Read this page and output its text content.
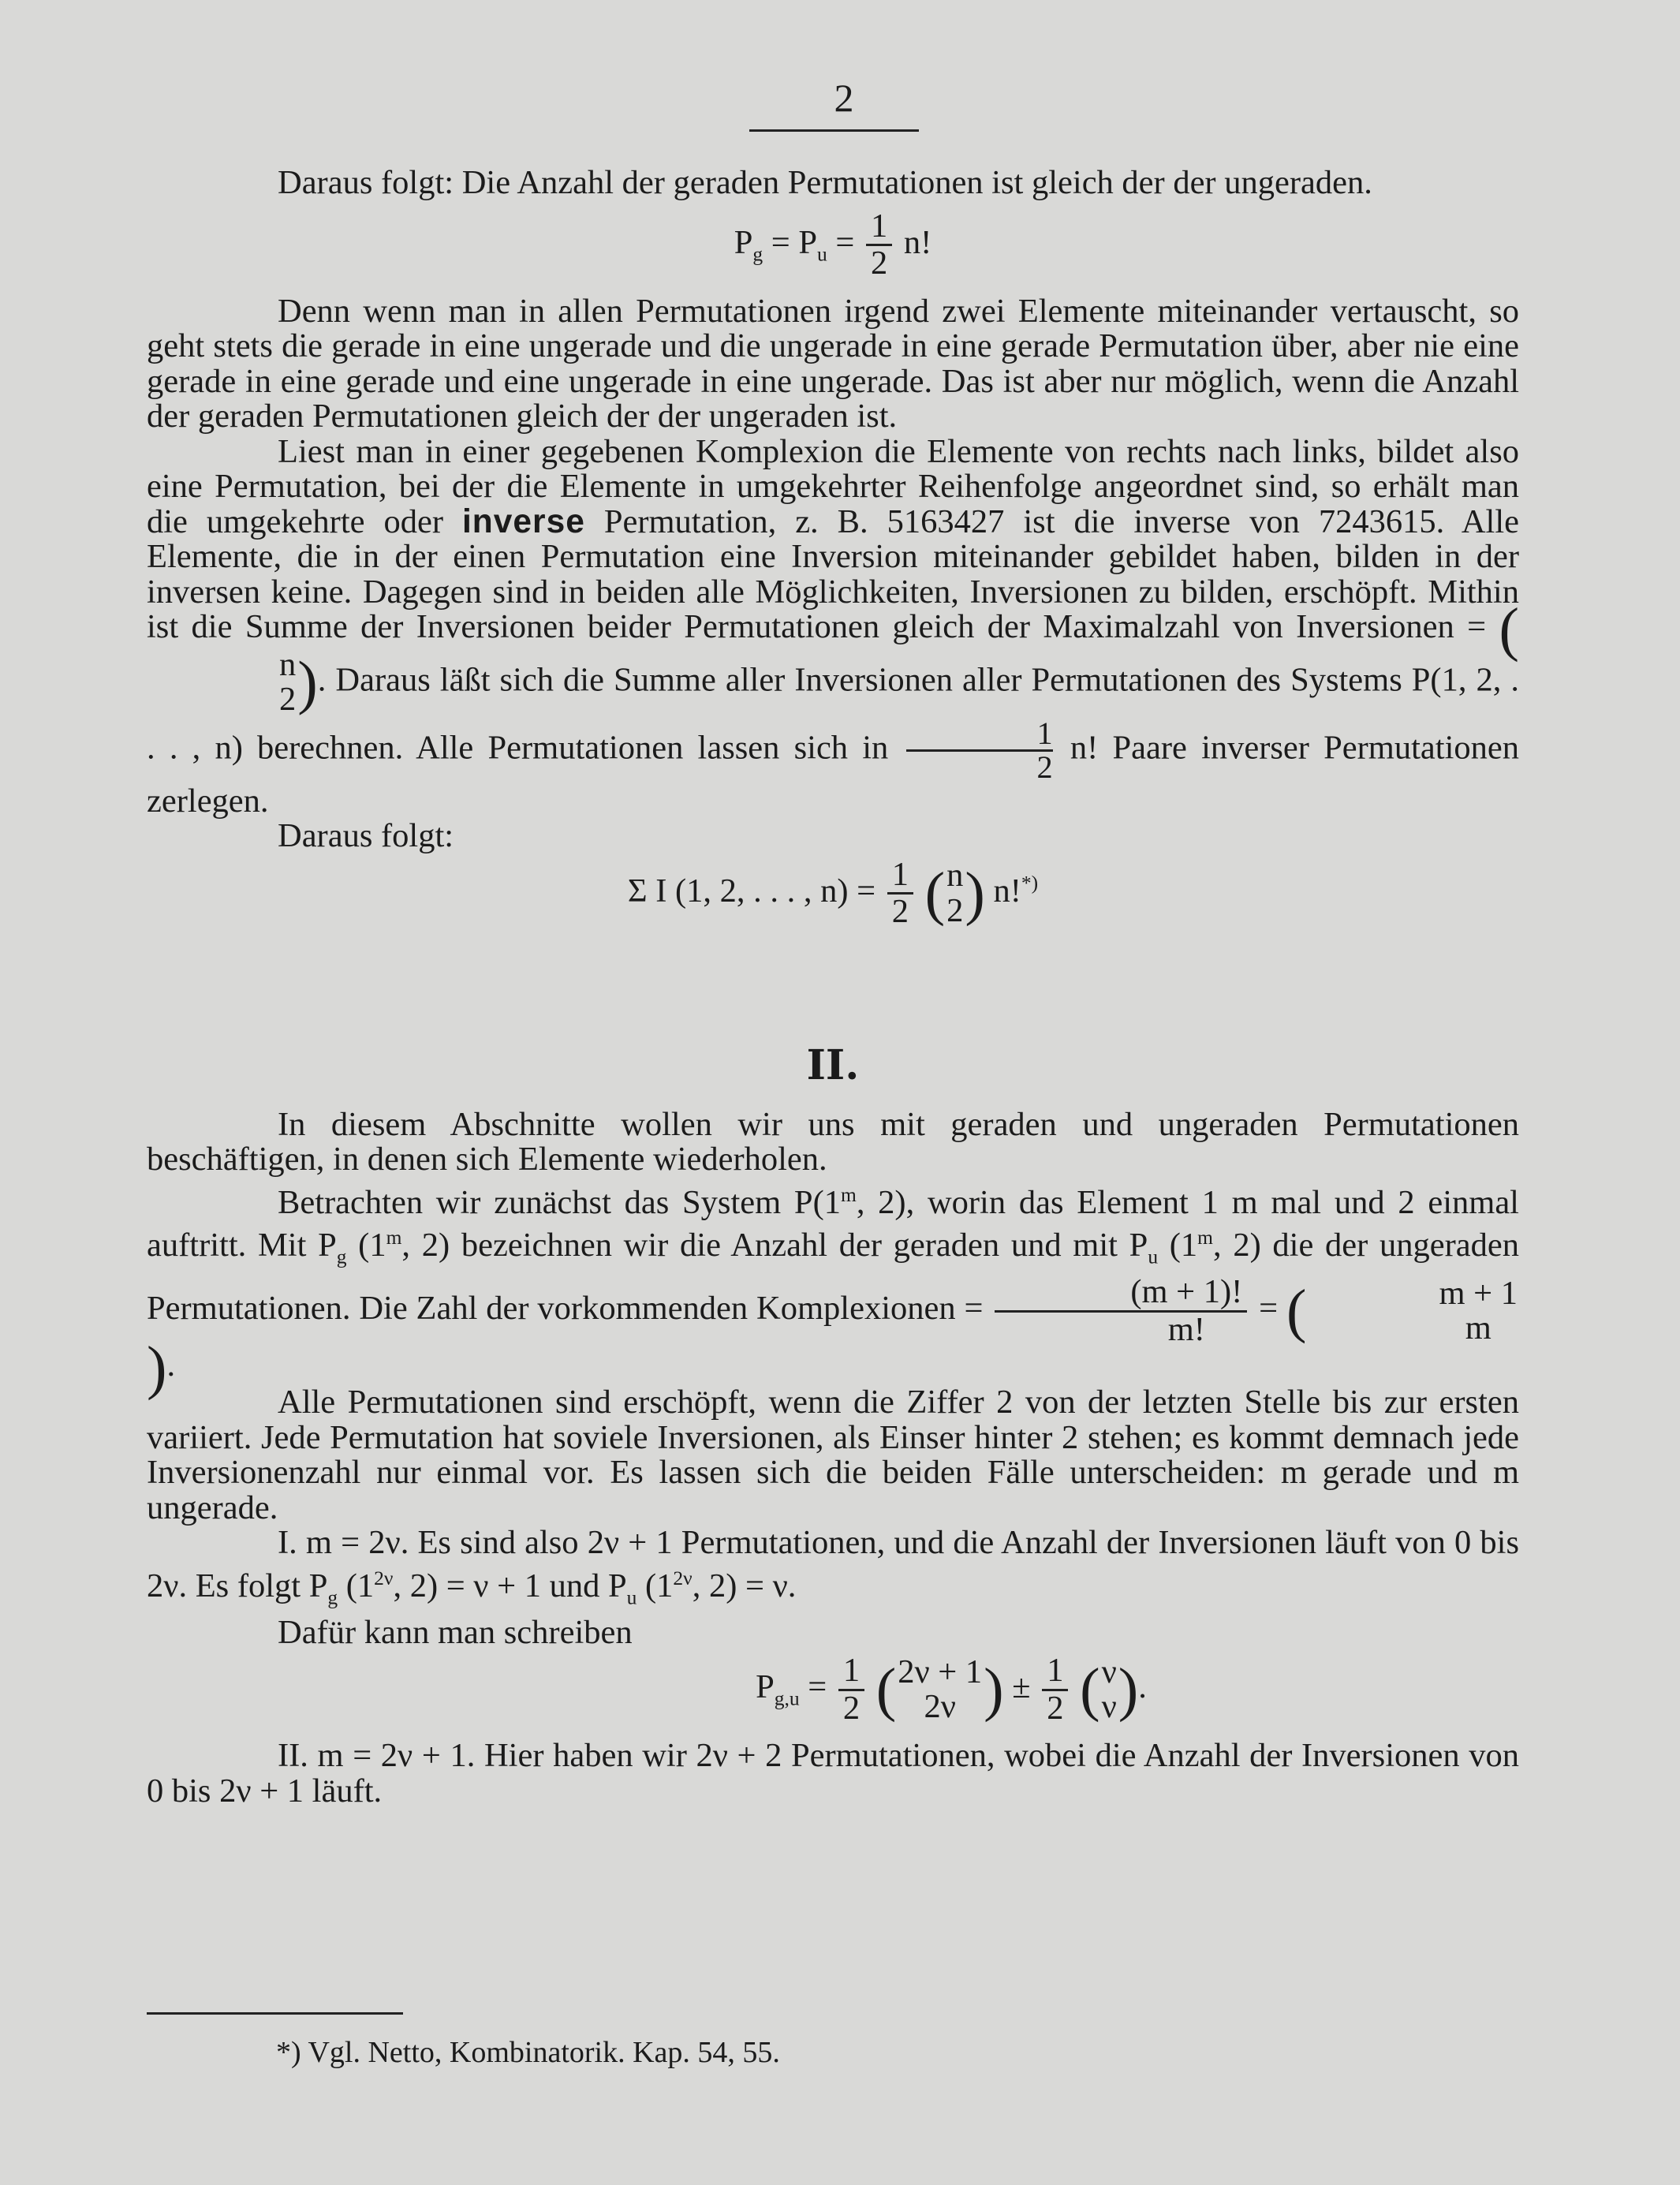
2

Daraus folgt: Die Anzahl der geraden Permutationen ist gleich der der ungeraden.

$P_g = P_u = \frac{1}{2} n$!

Denn wenn man in allen Permutationen irgend zwei Elemente miteinander vertauscht, so geht stets die gerade in eine ungerade und die ungerade in eine gerade Permutation über, aber nie eine gerade in eine gerade und eine ungerade in eine ungerade. Das ist aber nur möglich, wenn die Anzahl der geraden Permutationen gleich der der ungeraden ist.

Liest man in einer gegebenen Komplexion die Elemente von rechts nach links, bildet also eine Permutation, bei der die Elemente in umgekehrter Reihenfolge angeordnet sind, so erhält man die umgekehrte oder inverse Permutation, z. B. 5163427 ist die inverse von 7243615. Alle Elemente, die in der einen Permutation eine Inversion miteinander gebildet haben, bilden in der inversen keine. Dagegen sind in beiden alle Möglichkeiten, Inversionen zu bilden, erschöpft. Mithin ist die Summe der Inversionen beider Permutationen gleich der Maximalzahl von Inversionen = (
n
2 ). Daraus läßt sich die Summe aller Inversionen aller Permutationen des Systems P(1, 2, . . . , n) berechnen. Alle Permutationen lassen sich in $\frac{1}{2} n$! Paare inverser Permutationen zerlegen.

Daraus folgt:

Σ I (1, 2, . . . , $n) = \frac{1}{2}$ ( n
2 ) n!*)
II.

In diesem Abschnitte wollen wir uns mit geraden und ungeraden Permutationen beschäftigen, in denen sich Elemente wiederholen.

Betrachten wir zunächst das System P(1$^m$, 2), worin das Element 1 m mal und 2 einmal auftritt. Mit $P_g$ (1$^m$, 2) bezeichnen wir die Anzahl der geraden und mit $P_u$ (1$^m$, 2) die der ungeraden Permutationen. Die Zahl der vorkommenden Komplexionen = $\frac{(m + 1)!}{m!}$ = (	m + 1
m
).

Alle Permutationen sind erschöpft, wenn die Ziffer 2 von der letzten Stelle bis zur ersten variiert. Jede Permutation hat soviele Inversionen, als Einser hinter 2 stehen; es kommt demnach jede Inversionenzahl nur einmal vor. Es lassen sich die beiden Fälle unterscheiden: m gerade und m ungerade.

I. m = 2ν. Es sind also 2ν + 1 Permutationen, und die Anzahl der Inversionen läuft von 0 bis 2ν. Es folgt $P_g$ ($1^{2\nu}$, 2) = ν + 1 und $P_u$ ($1^{2\nu}$, 2) = ν.

Dafür kann man schreiben

$P_{g,u} = \frac{1}{2}$ ( 2ν + 1
2ν ) ± $\frac{1}{2}$ ( ν
ν ).

II. m = 2ν + 1. Hier haben wir 2ν + 2 Permutationen, wobei die Anzahl der Inversionen von 0 bis 2ν + 1 läuft.

*) Vgl. Netto, Kombinatorik. Kap. 54, 55.
